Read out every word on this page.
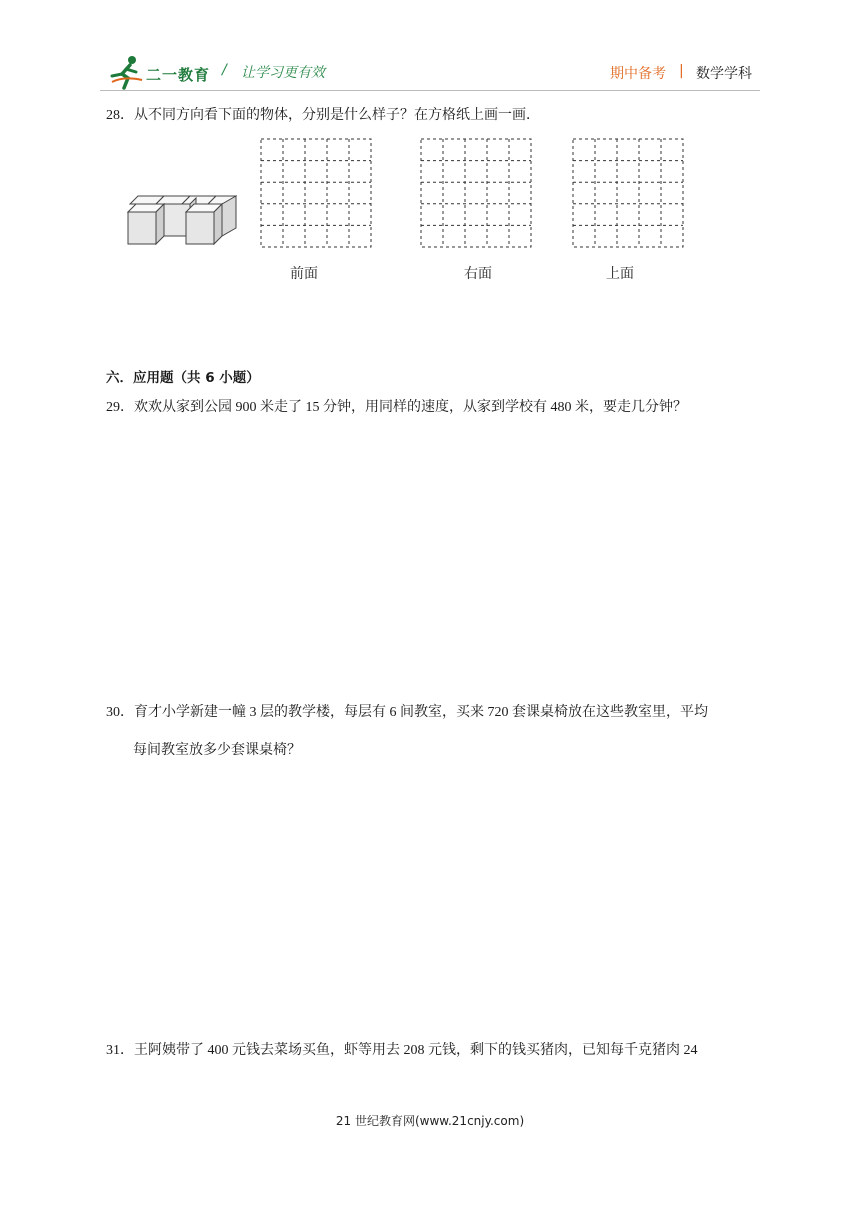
二一教育 / 让学习更有效	期中备考 | 数学学科
28．从不同方向看下面的物体，分别是什么样子？在方格纸上画一画．
前面	右面	上面
六．应用题（共 6 小题）
29．欢欢从家到公园 900 米走了 15 分钟，用同样的速度，从家到学校有 480 米，要走几分钟？
30．育才小学新建一幢 3 层的教学楼，每层有 6 间教室，买来 720 套课桌椅放在这些教室里，平均
每间教室放多少套课桌椅？
31．王阿姨带了 400 元钱去菜场买鱼，虾等用去 208 元钱，剩下的钱买猪肉，已知每千克猪肉 24
21 世纪教育网(www.21cnjy.com)
